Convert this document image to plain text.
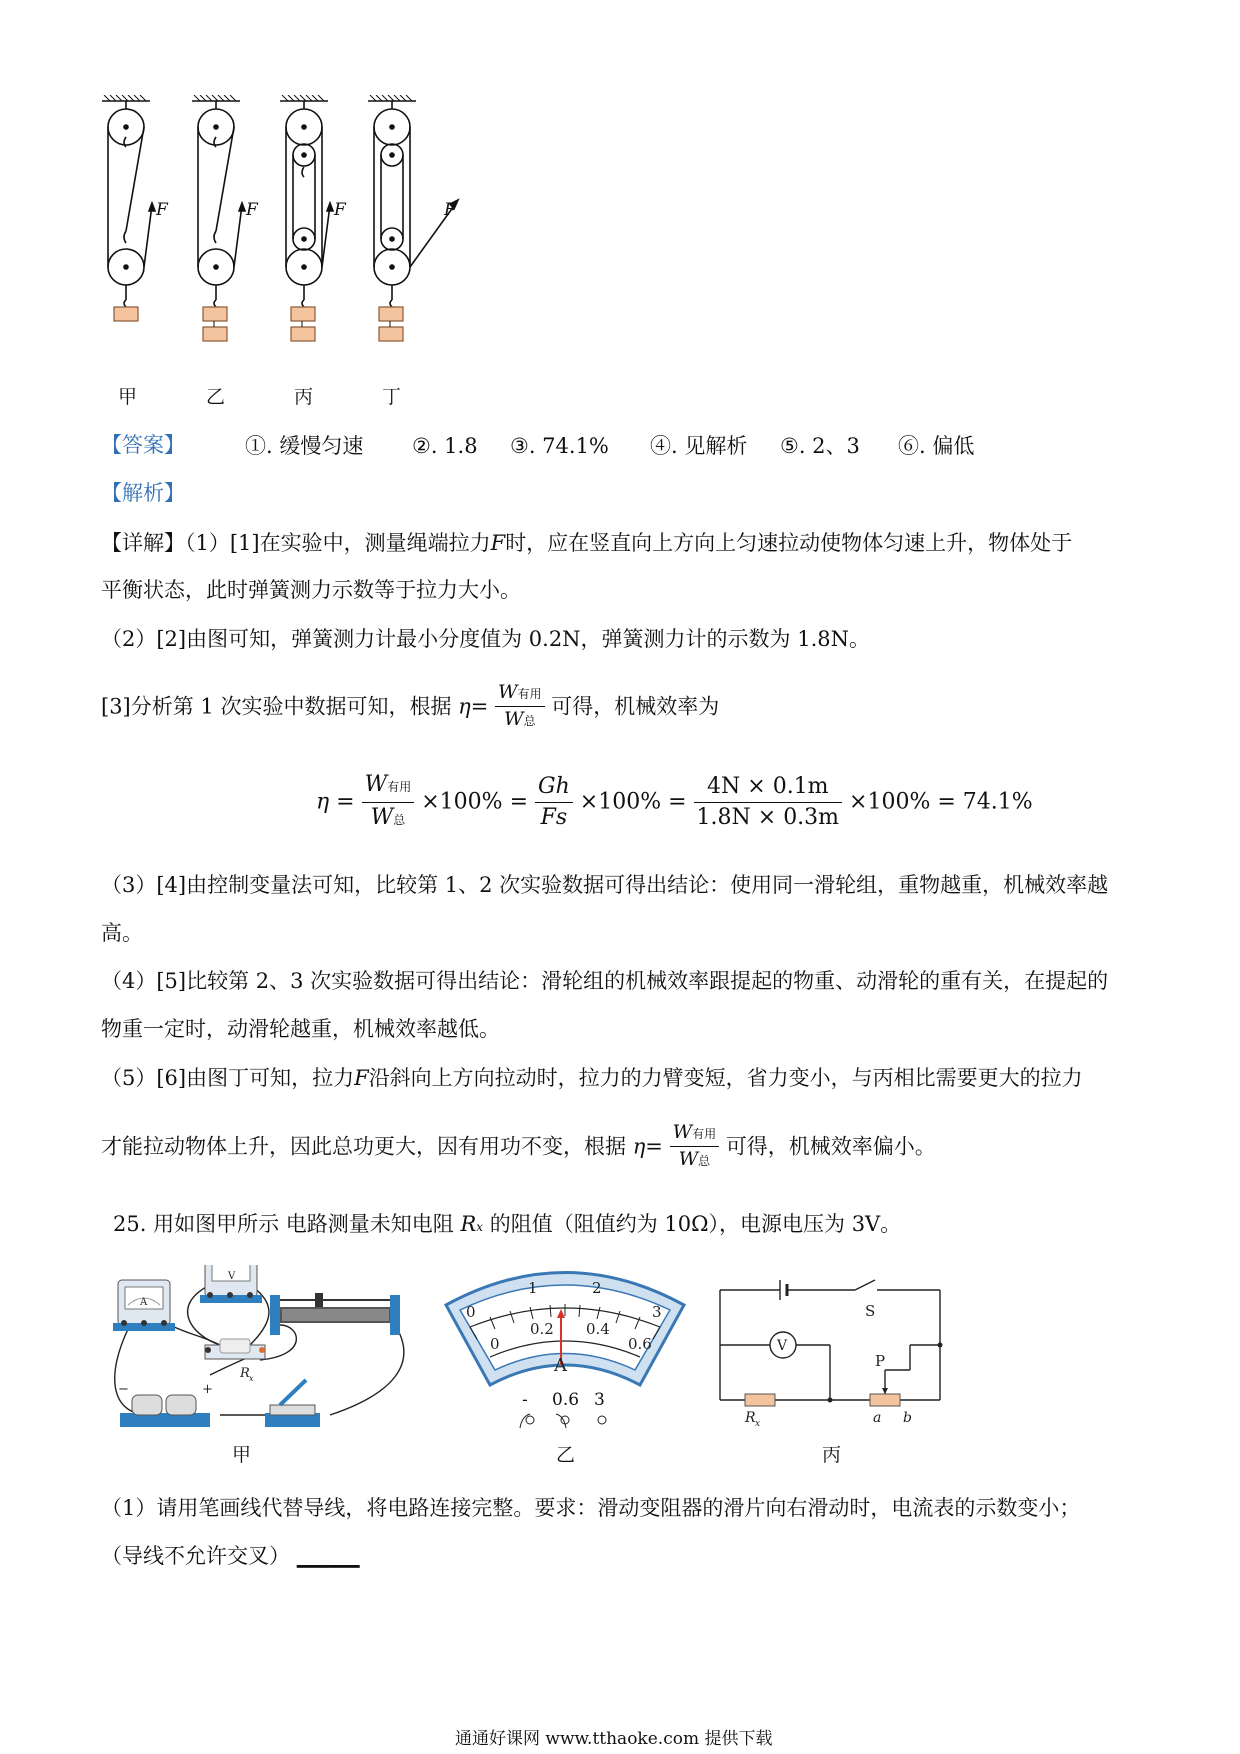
F	F	F	F
甲	乙	丙	丁
【答案】	①. 缓慢匀速 ②. 1.8 ③. 74.1% ④. 见解析 ⑤. 2、3 ⑥. 偏低
【解析】
【详解】（1）[1]在实验中，测量绳端拉力F时，应在竖直向上方向上匀速拉动使物体匀速上升，物体处于
平衡状态，此时弹簧测力示数等于拉力大小。
（2）[2]由图可知，弹簧测力计最小分度值为 0.2N，弹簧测力计的示数为 1.8N。
[3]分析第 1 次实验中数据可知，根据 $\eta= \frac{\text{W有用}}{\text{W总}}$ 可得，机械效率为
$\eta = \frac{\text{W有用}}{\text{W总}} \times 100\% = \frac{Gh}{Fs} \times 100\% = \frac{4N \times 0.1m}{1.8N \times 0.3m} \times 100\% = 74.1\%$
（3）[4]由控制变量法可知，比较第 1、2 次实验数据可得出结论：使用同一滑轮组，重物越重，机械效率越
高。
（4）[5]比较第 2、3 次实验数据可得出结论：滑轮组的机械效率跟提起的物重、动滑轮的重有关，在提起的
物重一定时，动滑轮越重，机械效率越低。
（5）[6]由图丁可知，拉力F沿斜向上方向拉动时，拉力的力臂变短，省力变小，与丙相比需要更大的拉力
才能拉动物体上升，因此总功更大，因有用功不变，根据 $\eta= \frac{\text{W有用}}{\text{W总}}$ 可得，机械效率偏小。
25. 用如图甲所示 电路测量未知电阻 Rx 的阻值（阻值约为 10Ω），电源电压为 3V。
A
V
R x
−	+
甲
0
1	2
3
0
0.2 0.4
0.6
A
- 0.6 3
乙
V
S
P
R x	a b
丙
（1）请用笔画线代替导线，将电路连接完整。要求：滑动变阻器的滑片向右滑动时，电流表的示数变小；
（导线不允许交叉） ______
通通好课网 www.tthaoke.com 提供下载
